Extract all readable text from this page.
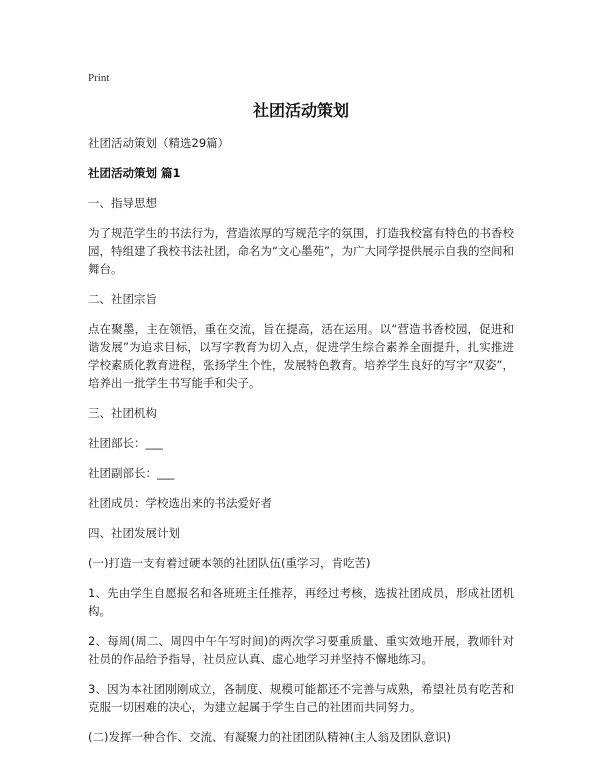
Print
社团活动策划

社团活动策划（精选29篇）

社团活动策划 篇1

一、指导思想

为了规范学生的书法行为，营造浓厚的写规范字的氛围，打造我校富有特色的书香校园，特组建了我校书法社团，命名为“文心墨苑”，为广大同学提供展示自我的空间和舞台。

二、社团宗旨

点在聚墨，主在领悟，重在交流，旨在提高，活在运用。以“营造书香校园，促进和谐发展”为追求目标，以写字教育为切入点，促进学生综合素养全面提升，扎实推进学校素质化教育进程，张扬学生个性，发展特色教育。培养学生良好的写字“双姿”，培养出一批学生书写能手和尖子。

三、社团机构

社团部长：___

社团副部长：___

社团成员：学校选出来的书法爱好者

四、社团发展计划

(一)打造一支有着过硬本领的社团队伍(重学习，肯吃苦)

1、先由学生自愿报名和各班班主任推荐，再经过考核，选拔社团成员，形成社团机构。

2、每周(周二、周四中午午写时间)的两次学习要重质量、重实效地开展，教师针对社员的作品给予指导，社员应认真、虚心地学习并坚持不懈地练习。

3、因为本社团刚刚成立，各制度、规模可能都还不完善与成熟，希望社员有吃苦和克服一切困难的决心，为建立起属于学生自己的社团而共同努力。

(二)发挥一种合作、交流、有凝聚力的社团团队精神(主人翁及团队意识)
